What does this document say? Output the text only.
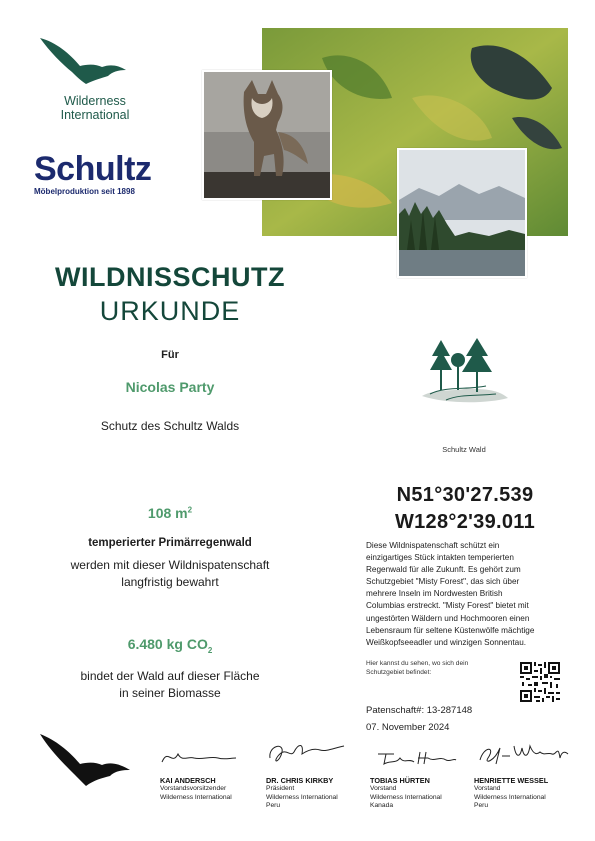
Wilderness
International
Schultz
Möbelproduktion seit 1898
WILDNISSCHUTZ
URKUNDE
Für
Nicolas Party
Schutz des Schultz Walds
Schultz Wald
108 $m^2$
temperierter Primärregenwald
werden mit dieser Wildnispatenschaft
langfristig bewahrt
6.480 kg $CO_2$
bindet der Wald auf dieser Fläche
in seiner Biomasse
N51°30'27.539
W128°2'39.011
Diese Wildnispatenschaft schützt ein
einzigartiges Stück intakten temperierten
Regenwald für alle Zukunft. Es gehört zum
Schutzgebiet "Misty Forest", das sich über
mehrere Inseln im Nordwesten British
Columbias erstreckt. "Misty Forest" bietet mit
ungestörten Wäldern und Hochmooren einen
Lebensraum für seltene Küstenwölfe mächtige
Weißkopfseeadler und winzigen Sonnentau.
Hier kannst du sehen, wo sich dein
Schutzgebiet befindet:
Patenschaft#: 13-287148
07. November 2024
KAI ANDERSCH
Vorstandsvorsitzender
Wilderness International
DR. CHRIS KIRKBY
Präsident
Wilderness International
Peru
TOBIAS HÜRTEN
Vorstand
Wilderness International
Kanada
HENRIETTE WESSEL
Vorstand
Wilderness International
Peru
